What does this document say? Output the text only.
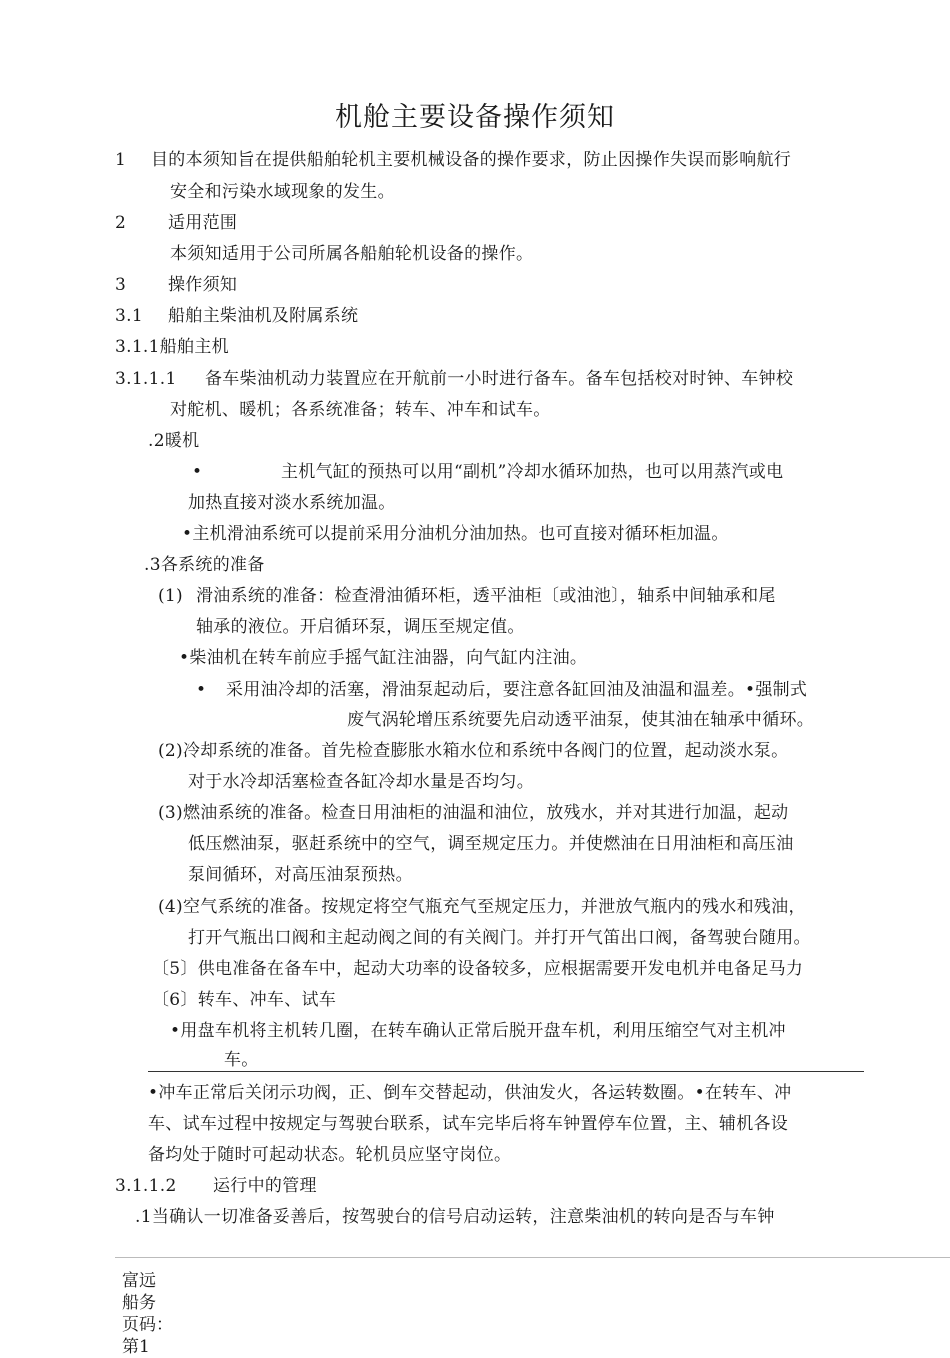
机舱主要设备操作须知
1 目的本须知旨在提供船舶轮机主要机械设备的操作要求，防止因操作失误而影响航行
安全和污染水域现象的发生。
2 适用范围
本须知适用于公司所属各船舶轮机设备的操作。
3 操作须知
3.1 船舶主柴油机及附属系统
3.1.1船舶主机
3.1.1.1 备车柴油机动力装置应在开航前一小时进行备车。备车包括校对时钟、车钟校
对舵机、暖机；各系统准备；转车、冲车和试车。
.2暖机
•	主机气缸的预热可以用“副机”冷却水循环加热，也可以用蒸汽或电
加热直接对淡水系统加温。
•主机滑油系统可以提前采用分油机分油加热。也可直接对循环柜加温。
.3各系统的准备
(1) 滑油系统的准备：检查滑油循环柜，透平油柜〔或油池〕，轴系中间轴承和尾
轴承的液位。开启循环泵，调压至规定值。
•柴油机在转车前应手摇气缸注油器，向气缸内注油。
• 采用油冷却的活塞，滑油泵起动后，要注意各缸回油及油温和温差。•强制式
废气涡轮增压系统要先启动透平油泵，使其油在轴承中循环。
(2)冷却系统的准备。首先检查膨胀水箱水位和系统中各阀门的位置，起动淡水泵。
对于水冷却活塞检查各缸冷却水量是否均匀。
(3)燃油系统的准备。检查日用油柜的油温和油位，放残水，并对其进行加温，起动
低压燃油泵，驱赶系统中的空气，调至规定压力。并使燃油在日用油柜和高压油
泵间循环，对高压油泵预热。
(4)空气系统的准备。按规定将空气瓶充气至规定压力，并泄放气瓶内的残水和残油，
打开气瓶出口阀和主起动阀之间的有关阀门。并打开气笛出口阀，备驾驶台随用。
〔5〕供电准备在备车中，起动大功率的设备较多，应根据需要开发电机并电备足马力
〔6〕转车、冲车、试车
•用盘车机将主机转几圈，在转车确认正常后脱开盘车机，利用压缩空气对主机冲
车。
•冲车正常后关闭示功阀，正、倒车交替起动，供油发火，各运转数圈。•在转车、冲
车、试车过程中按规定与驾驶台联系，试车完毕后将车钟置停车位置，主、辅机各设
备均处于随时可起动状态。轮机员应坚守岗位。
3.1.1.2 运行中的管理
.1当确认一切准备妥善后，按驾驶台的信号启动运转，注意柴油机的转向是否与车钟
富远
船务
页码：
第1
